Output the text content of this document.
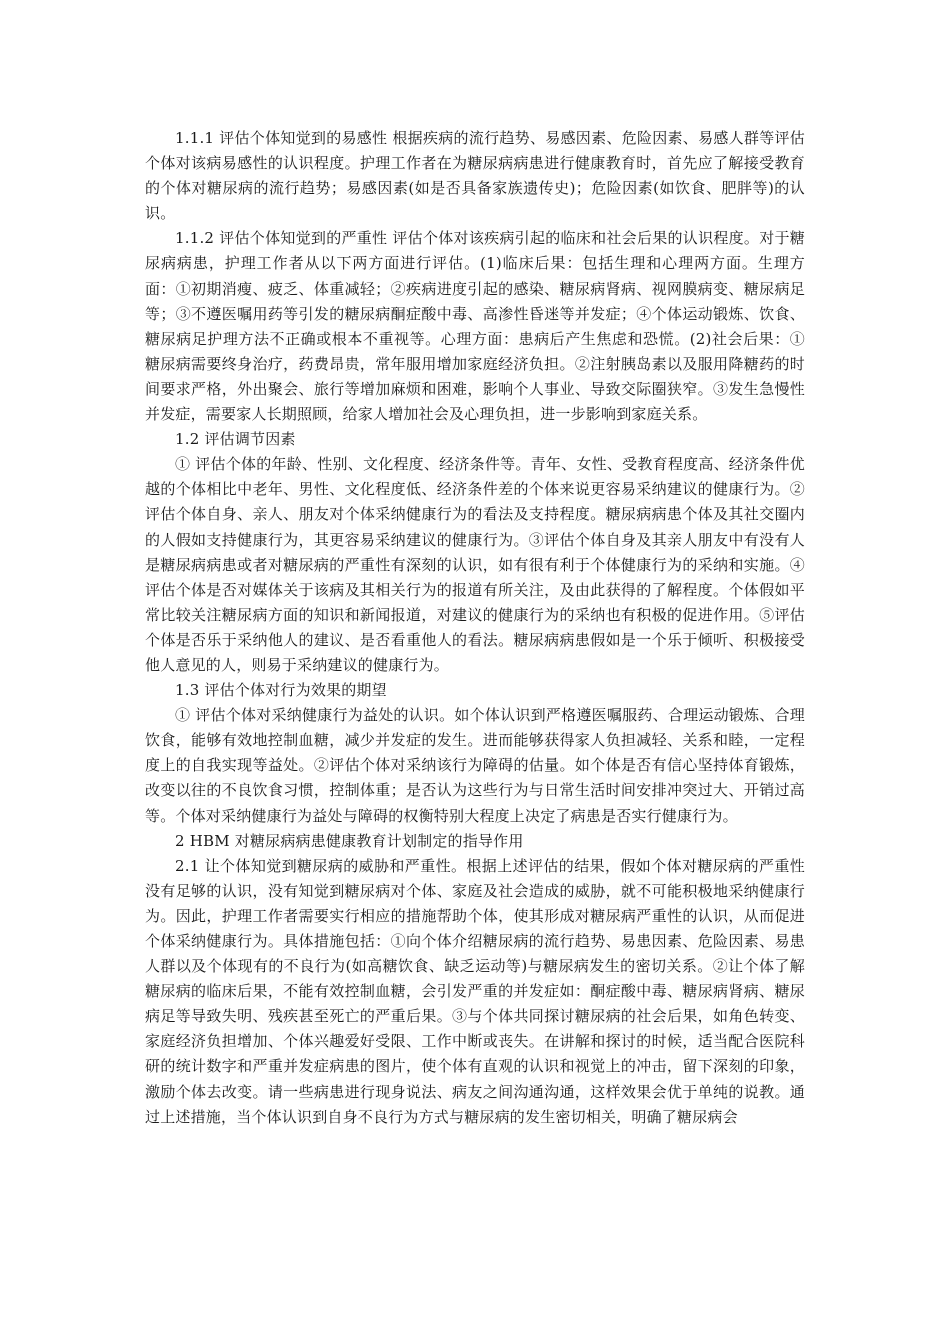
1.1.1 评估个体知觉到的易感性 根据疾病的流行趋势、易感因素、危险因素、易感人群等评估个体对该病易感性的认识程度。护理工作者在为糖尿病病患进行健康教育时，首先应了解接受教育的个体对糖尿病的流行趋势；易感因素(如是否具备家族遗传史)；危险因素(如饮食、肥胖等)的认识。

1.1.2 评估个体知觉到的严重性 评估个体对该疾病引起的临床和社会后果的认识程度。对于糖尿病病患，护理工作者从以下两方面进行评估。(1)临床后果：包括生理和心理两方面。生理方面：①初期消瘦、疲乏、体重减轻；②疾病进度引起的感染、糖尿病肾病、视网膜病变、糖尿病足等；③不遵医嘱用药等引发的糖尿病酮症酸中毒、高渗性昏迷等并发症；④个体运动锻炼、饮食、糖尿病足护理方法不正确或根本不重视等。心理方面：患病后产生焦虑和恐慌。(2)社会后果：①糖尿病需要终身治疗，药费昂贵，常年服用增加家庭经济负担。②注射胰岛素以及服用降糖药的时间要求严格，外出聚会、旅行等增加麻烦和困难，影响个人事业、导致交际圈狭窄。③发生急慢性并发症，需要家人长期照顾，给家人增加社会及心理负担，进一步影响到家庭关系。

1.2 评估调节因素

① 评估个体的年龄、性别、文化程度、经济条件等。青年、女性、受教育程度高、经济条件优越的个体相比中老年、男性、文化程度低、经济条件差的个体来说更容易采纳建议的健康行为。②评估个体自身、亲人、朋友对个体采纳健康行为的看法及支持程度。糖尿病病患个体及其社交圈内的人假如支持健康行为，其更容易采纳建议的健康行为。③评估个体自身及其亲人朋友中有没有人是糖尿病病患或者对糖尿病的严重性有深刻的认识，如有很有利于个体健康行为的采纳和实施。④评估个体是否对媒体关于该病及其相关行为的报道有所关注，及由此获得的了解程度。个体假如平常比较关注糖尿病方面的知识和新闻报道，对建议的健康行为的采纳也有积极的促进作用。⑤评估个体是否乐于采纳他人的建议、是否看重他人的看法。糖尿病病患假如是一个乐于倾听、积极接受他人意见的人，则易于采纳建议的健康行为。

1.3 评估个体对行为效果的期望

① 评估个体对采纳健康行为益处的认识。如个体认识到严格遵医嘱服药、合理运动锻炼、合理饮食，能够有效地控制血糖，减少并发症的发生。进而能够获得家人负担减轻、关系和睦，一定程度上的自我实现等益处。②评估个体对采纳该行为障碍的估量。如个体是否有信心坚持体育锻炼，改变以往的不良饮食习惯，控制体重；是否认为这些行为与日常生活时间安排冲突过大、开销过高等。个体对采纳健康行为益处与障碍的权衡特别大程度上决定了病患是否实行健康行为。

2 HBM 对糖尿病病患健康教育计划制定的指导作用

2.1 让个体知觉到糖尿病的威胁和严重性。根据上述评估的结果，假如个体对糖尿病的严重性没有足够的认识，没有知觉到糖尿病对个体、家庭及社会造成的威胁，就不可能积极地采纳健康行为。因此，护理工作者需要实行相应的措施帮助个体，使其形成对糖尿病严重性的认识，从而促进个体采纳健康行为。具体措施包括：①向个体介绍糖尿病的流行趋势、易患因素、危险因素、易患人群以及个体现有的不良行为(如高糖饮食、缺乏运动等)与糖尿病发生的密切关系。②让个体了解糖尿病的临床后果，不能有效控制血糖，会引发严重的并发症如：酮症酸中毒、糖尿病肾病、糖尿病足等导致失明、残疾甚至死亡的严重后果。③与个体共同探讨糖尿病的社会后果，如角色转变、家庭经济负担增加、个体兴趣爱好受限、工作中断或丧失。在讲解和探讨的时候，适当配合医院科研的统计数字和严重并发症病患的图片，使个体有直观的认识和视觉上的冲击，留下深刻的印象，激励个体去改变。请一些病患进行现身说法、病友之间沟通沟通，这样效果会优于单纯的说教。通过上述措施，当个体认识到自身不良行为方式与糖尿病的发生密切相关，明确了糖尿病会
